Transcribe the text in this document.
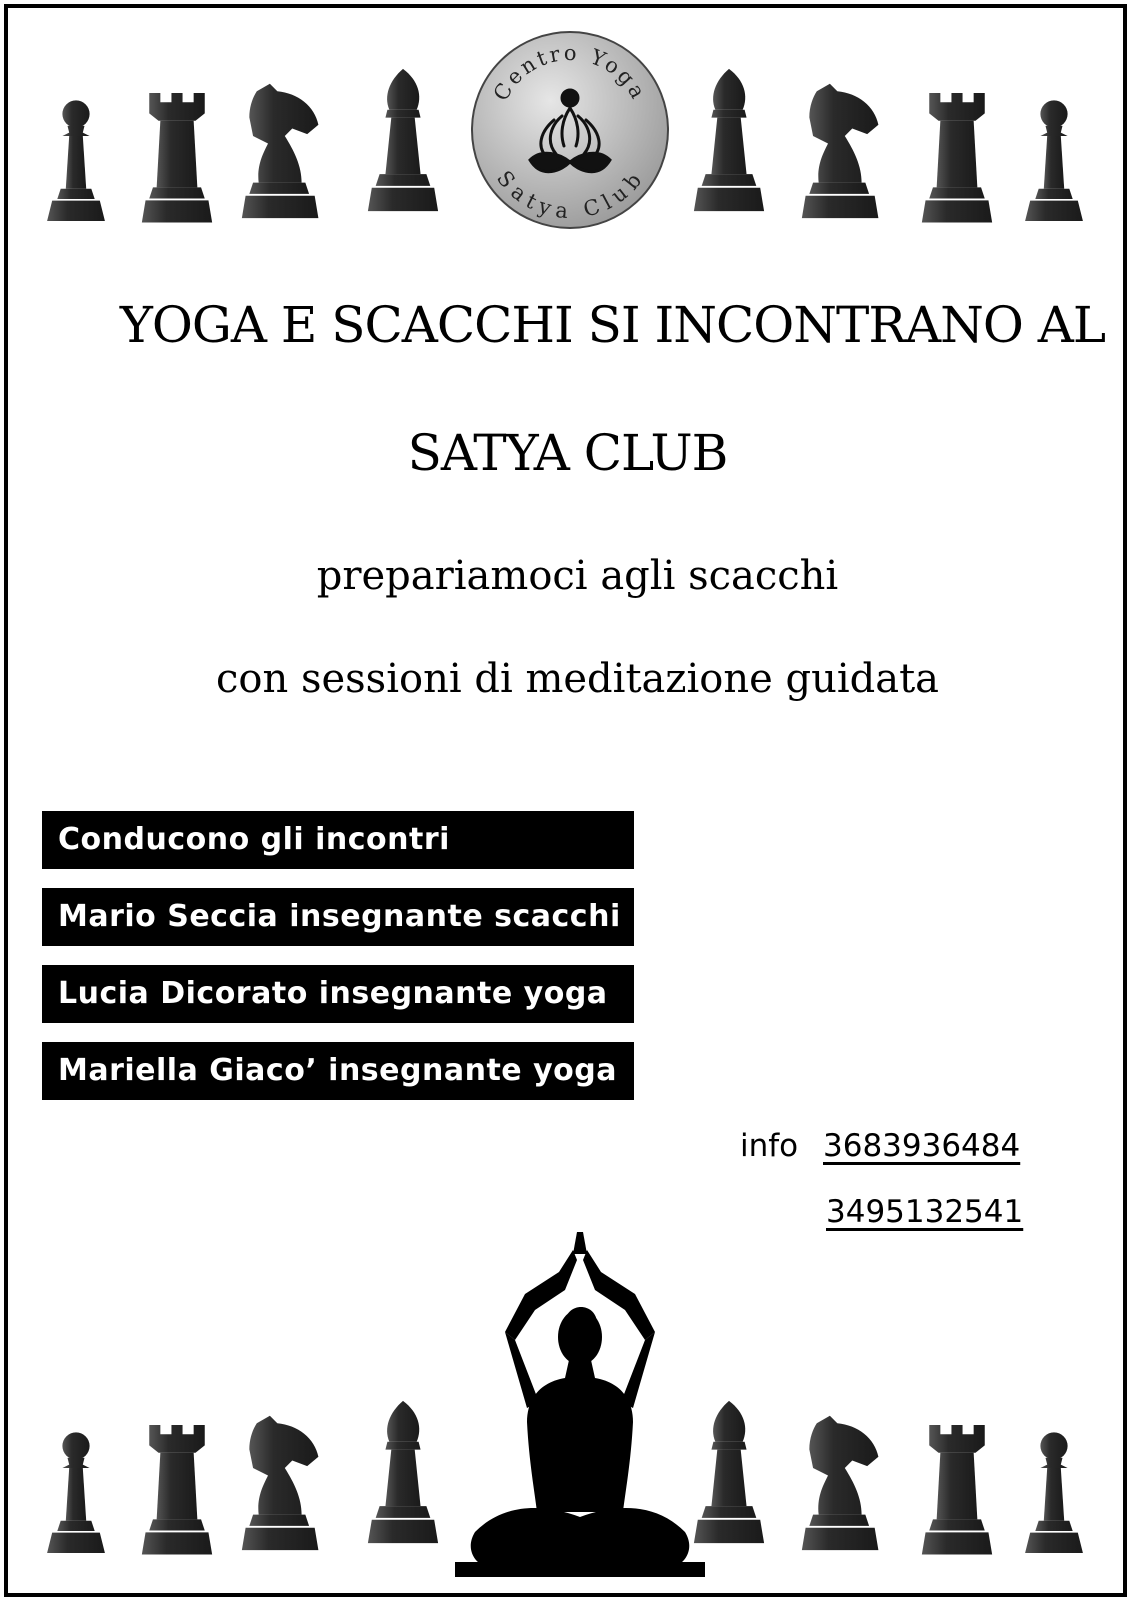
Centro Yoga
Satya Club
YOGA E SCACCHI SI INCONTRANO AL
SATYA CLUB
prepariamoci agli scacchi
con sessioni di meditazione guidata
Conducono gli incontri
Mario Seccia insegnante scacchi
Lucia Dicorato insegnante yoga
Mariella Giaco’ insegnante yoga
info 3683936484
3495132541
